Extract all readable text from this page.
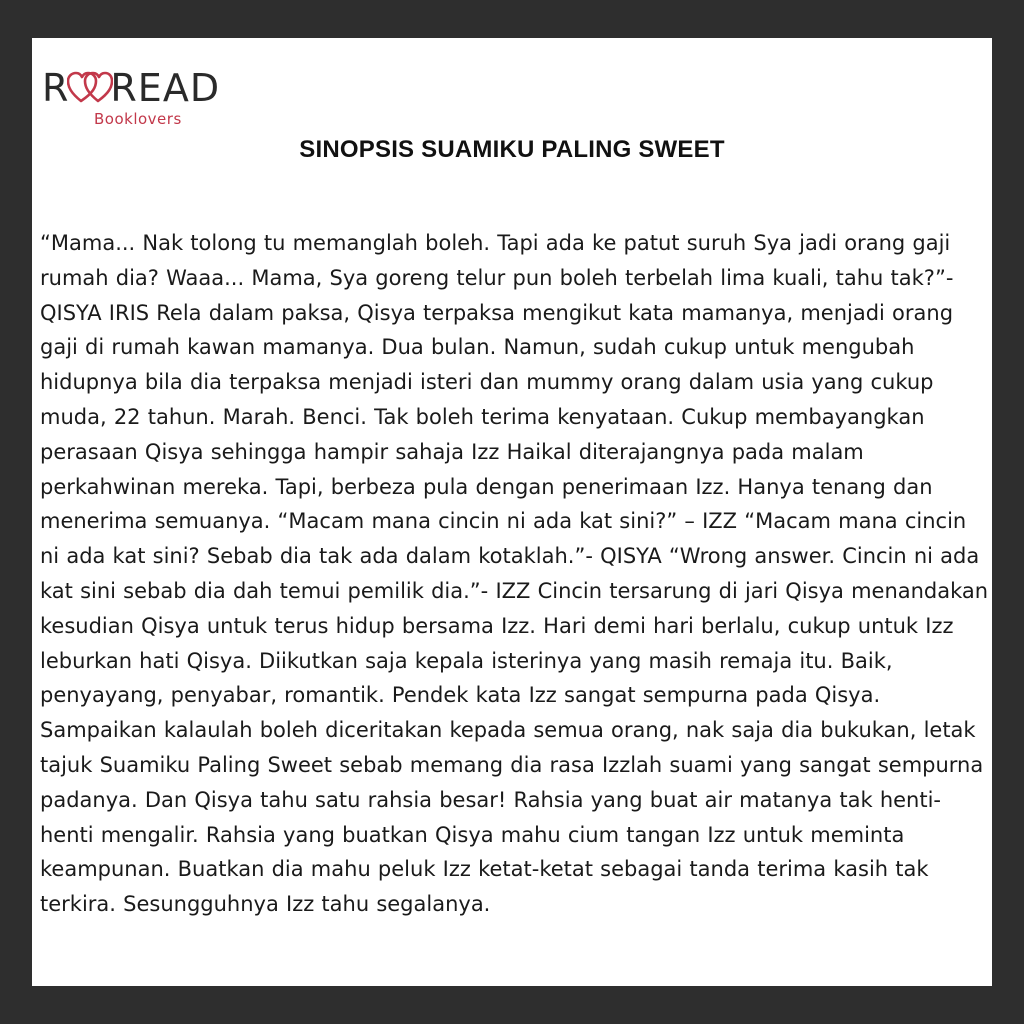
R READ
Booklovers
SINOPSIS SUAMIKU PALING SWEET
“Mama... Nak tolong tu memanglah boleh. Tapi ada ke patut suruh Sya jadi orang gaji rumah dia? Waaa... Mama, Sya goreng telur pun boleh terbelah lima kuali, tahu tak?”- QISYA IRIS Rela dalam paksa, Qisya terpaksa mengikut kata mamanya, menjadi orang gaji di rumah kawan mamanya. Dua bulan. Namun, sudah cukup untuk mengubah hidupnya bila dia terpaksa menjadi isteri dan mummy orang dalam usia yang cukup muda, 22 tahun. Marah. Benci. Tak boleh terima kenyataan. Cukup membayangkan perasaan Qisya sehingga hampir sahaja Izz Haikal diterajangnya pada malam perkahwinan mereka. Tapi, berbeza pula dengan penerimaan Izz. Hanya tenang dan menerima semuanya. “Macam mana cincin ni ada kat sini?” – IZZ “Macam mana cincin ni ada kat sini? Sebab dia tak ada dalam kotaklah.”- QISYA “Wrong answer. Cincin ni ada kat sini sebab dia dah temui pemilik dia.”- IZZ Cincin tersarung di jari Qisya menandakan kesudian Qisya untuk terus hidup bersama Izz. Hari demi hari berlalu, cukup untuk Izz leburkan hati Qisya. Diikutkan saja kepala isterinya yang masih remaja itu. Baik, penyayang, penyabar, romantik. Pendek kata Izz sangat sempurna pada Qisya. Sampaikan kalaulah boleh diceritakan kepada semua orang, nak saja dia bukukan, letak tajuk Suamiku Paling Sweet sebab memang dia rasa Izzlah suami yang sangat sempurna padanya. Dan Qisya tahu satu rahsia besar! Rahsia yang buat air matanya tak henti-henti mengalir. Rahsia yang buatkan Qisya mahu cium tangan Izz untuk meminta keampunan. Buatkan dia mahu peluk Izz ketat-ketat sebagai tanda terima kasih tak terkira. Sesungguhnya Izz tahu segalanya.
